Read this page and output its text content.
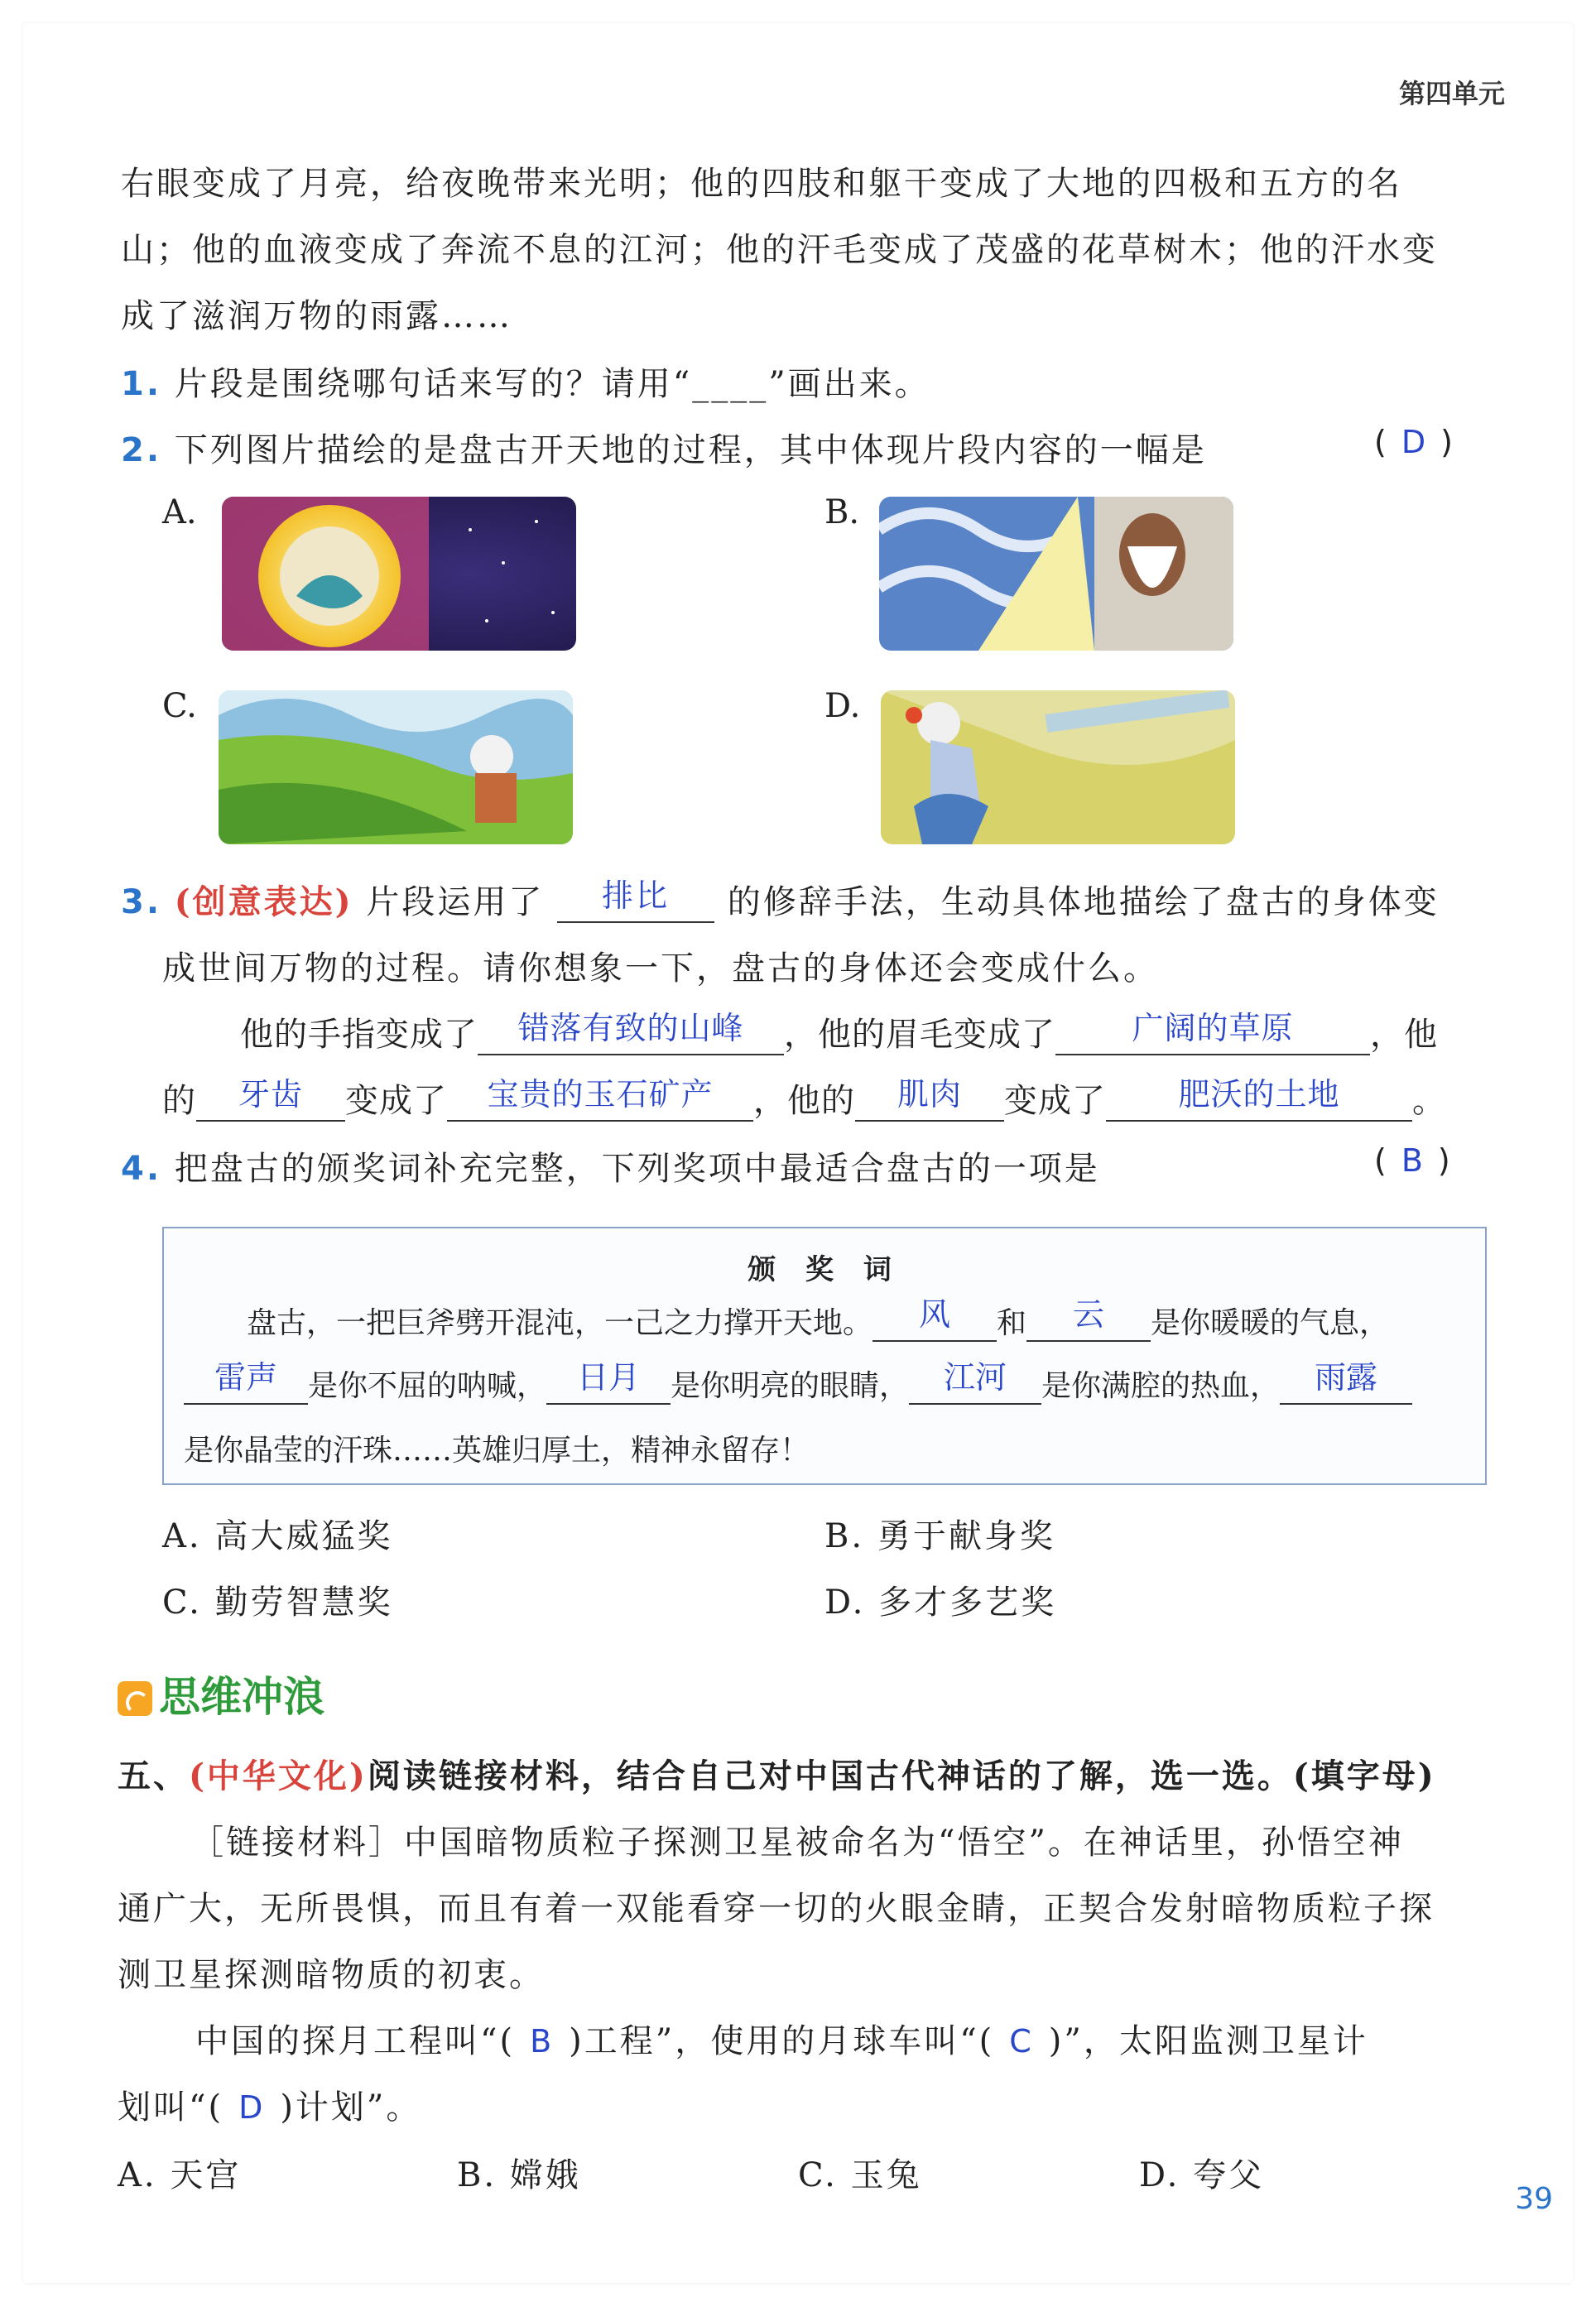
第四单元
右眼变成了月亮，给夜晚带来光明；他的四肢和躯干变成了大地的四极和五方的名
山；他的血液变成了奔流不息的江河；他的汗毛变成了茂盛的花草树木；他的汗水变
成了滋润万物的雨露……
1. 片段是围绕哪句话来写的？请用“____”画出来。
2. 下列图片描绘的是盘古开天地的过程，其中体现片段内容的一幅是	( D )
A.	B.
C.	D.
3. (创意表达) 片段运用了	排比	的修辞手法，生动具体地描绘了盘古的身体变
成世间万物的过程。请你想象一下，盘古的身体还会变成什么。
他的手指变成了	错落有致的山峰	，他的眉毛变成了	广阔的草原	，他
的	牙齿	变成了	宝贵的玉石矿产	，他的	肌肉	变成了	肥沃的土地	。
4. 把盘古的颁奖词补充完整，下列奖项中最适合盘古的一项是	( B )
颁 奖 词
盘古，一把巨斧劈开混沌，一己之力撑开天地。	风	和	云	是你暖暖的气息，
雷声	是你不屈的呐喊， 日月	是你明亮的眼睛，	江河	是你满腔的热血，	雨露
是你晶莹的汗珠……英雄归厚土，精神永留存！
A. 高大威猛奖	B. 勇于献身奖
C. 勤劳智慧奖	D. 多才多艺奖
思维冲浪
五、(中华文化)阅读链接材料，结合自己对中国古代神话的了解，选一选。(填字母)
［链接材料］中国暗物质粒子探测卫星被命名为“悟空”。在神话里，孙悟空神
通广大，无所畏惧，而且有着一双能看穿一切的火眼金睛，正契合发射暗物质粒子探
测卫星探测暗物质的初衷。
中国的探月工程叫“( B )工程”，使用的月球车叫“( C )”，太阳监测卫星计
划叫“( D )计划”。
A. 天宫	B. 嫦娥	C. 玉兔	D. 夸父
39
